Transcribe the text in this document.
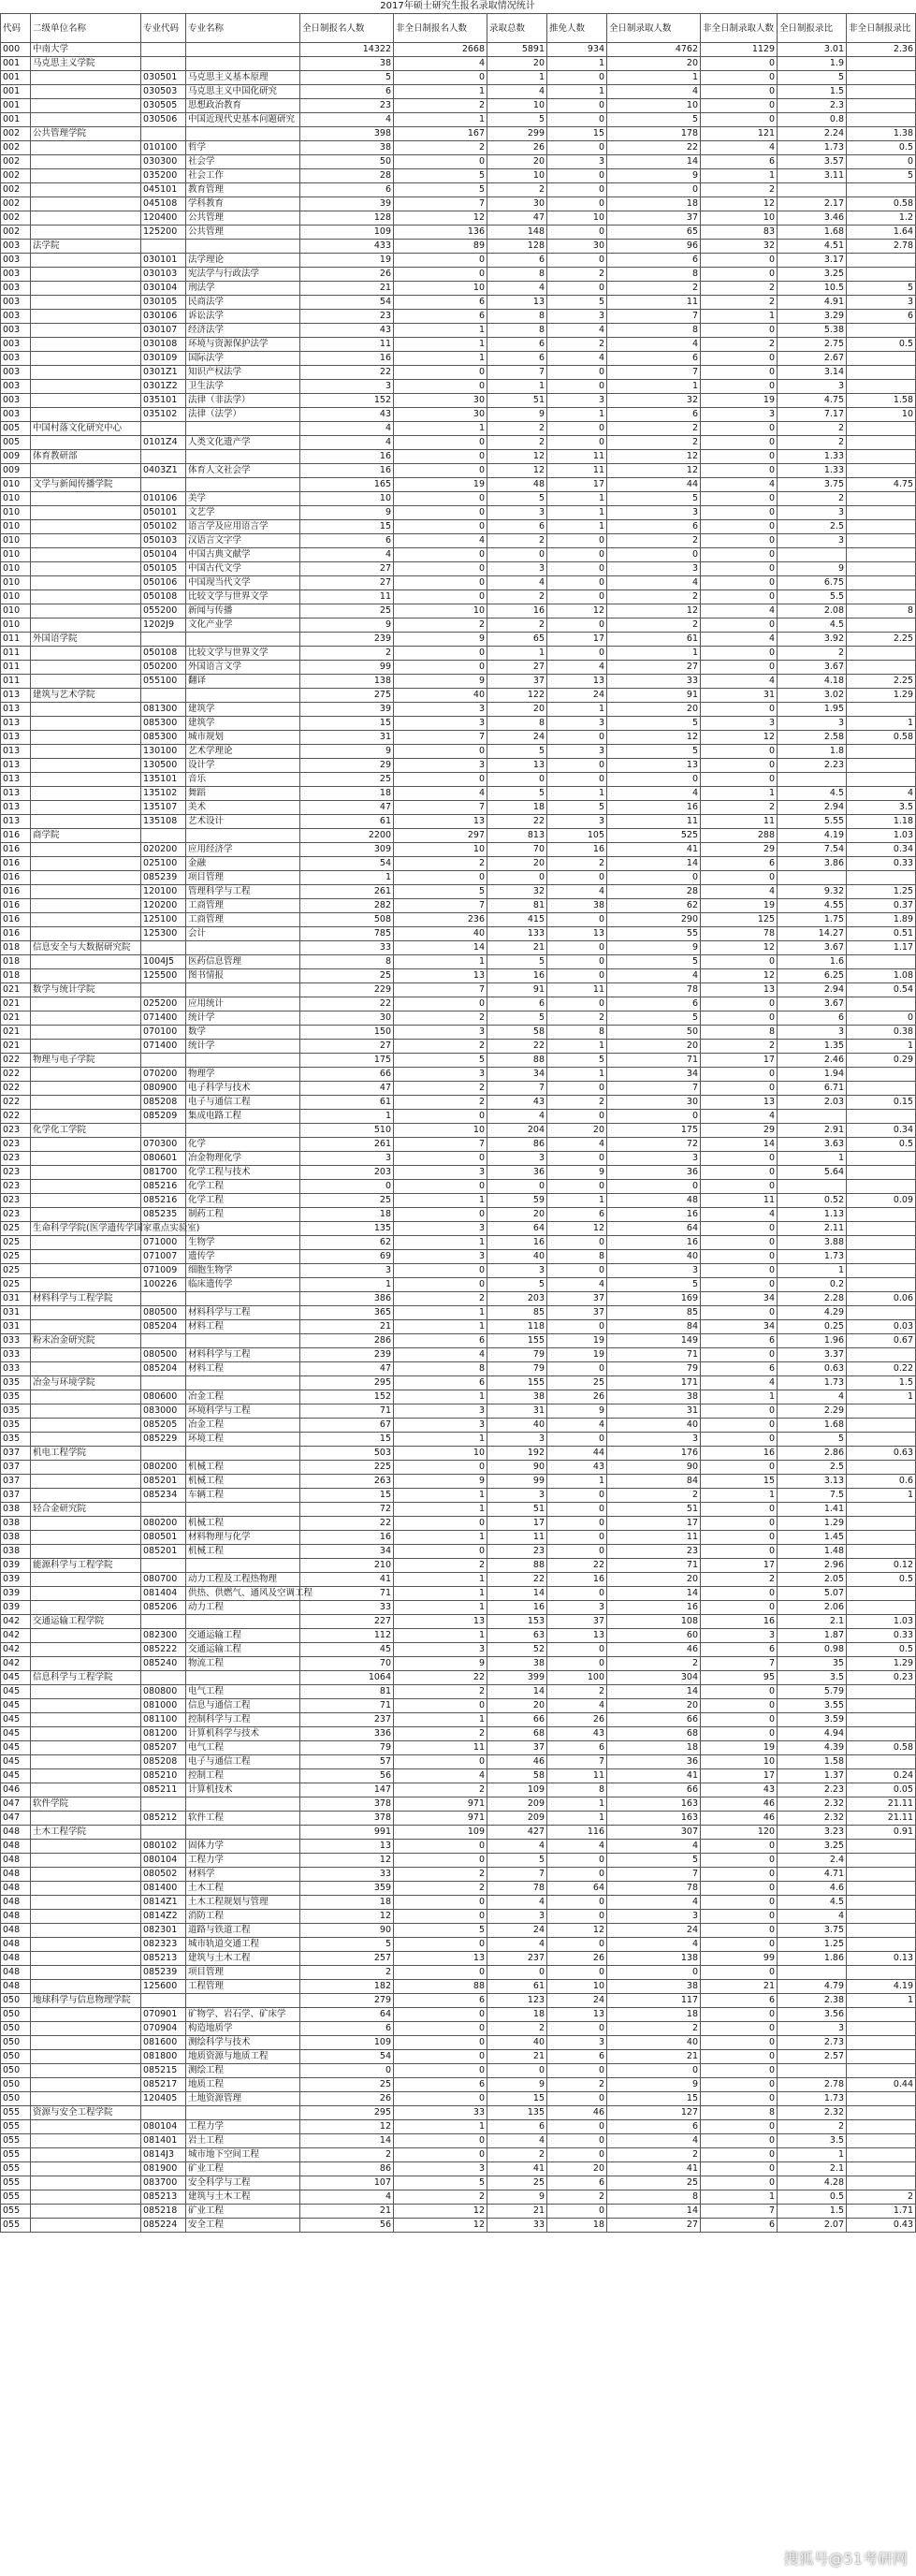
2017年硕士研究生报名录取情况统计
代码	二级单位名称	专业代码	专业名称	全日制报名人数	非全日制报名人数	录取总数	推免人数	全日制录取人数	非全日制录取人数	全日制报录比	非全日制报录比
000	中南大学			14322	2668	5891	934	4762	1129	3.01	2.36
001	马克思主义学院			38	4	20	1	20	0	1.9	
001		030501	马克思主义基本原理	5	0	1	0	1	0	5	
001		030503	马克思主义中国化研究	6	1	4	1	4	0	1.5	
001		030505	思想政治教育	23	2	10	0	10	0	2.3	
001		030506	中国近现代史基本问题研究	4	1	5	0	5	0	0.8	
002	公共管理学院			398	167	299	15	178	121	2.24	1.38
002		010100	哲学	38	2	26	0	22	4	1.73	0.5
002		030300	社会学	50	0	20	3	14	6	3.57	0
002		035200	社会工作	28	5	10	0	9	1	3.11	5
002		045101	教育管理	6	5	2	0	0	2		
002		045108	学科教育	39	7	30	0	18	12	2.17	0.58
002		120400	公共管理	128	12	47	10	37	10	3.46	1.2
002		125200	公共管理	109	136	148	0	65	83	1.68	1.64
003	法学院			433	89	128	30	96	32	4.51	2.78
003		030101	法学理论	19	0	6	0	6	0	3.17	
003		030103	宪法学与行政法学	26	0	8	2	8	0	3.25	
003		030104	刑法学	21	10	4	0	2	2	10.5	5
003		030105	民商法学	54	6	13	5	11	2	4.91	3
003		030106	诉讼法学	23	6	8	3	7	1	3.29	6
003		030107	经济法学	43	1	8	4	8	0	5.38	
003		030108	环境与资源保护法学	11	1	6	2	4	2	2.75	0.5
003		030109	国际法学	16	1	6	4	6	0	2.67	
003		0301Z1	知识产权法学	22	0	7	0	7	0	3.14	
003		0301Z2	卫生法学	3	0	1	0	1	0	3	
003		035101	法律（非法学）	152	30	51	3	32	19	4.75	1.58
003		035102	法律（法学）	43	30	9	1	6	3	7.17	10
005	中国村落文化研究中心			4	1	2	0	2	0	2	
005		0101Z4	人类文化遗产学	4	0	2	0	2	0	2	
009	体育教研部			16	0	12	11	12	0	1.33	
009		0403Z1	体育人文社会学	16	0	12	11	12	0	1.33	
010	文学与新闻传播学院			165	19	48	17	44	4	3.75	4.75
010		010106	美学	10	0	5	1	5	0	2	
010		050101	文艺学	9	0	3	1	3	0	3	
010		050102	语言学及应用语言学	15	0	6	1	6	0	2.5	
010		050103	汉语言文字学	6	4	2	0	2	0	3	
010		050104	中国古典文献学	4	0	0	0	0	0		
010		050105	中国古代文学	27	0	3	0	3	0	9	
010		050106	中国现当代文学	27	0	4	0	4	0	6.75	
010		050108	比较文学与世界文学	11	0	2	0	2	0	5.5	
010		055200	新闻与传播	25	10	16	12	12	4	2.08	8
010		1202J9	文化产业学	9	2	2	0	2	0	4.5	
011	外国语学院			239	9	65	17	61	4	3.92	2.25
011		050108	比较文学与世界文学	2	0	1	0	1	0	2	
011		050200	外国语言文学	99	0	27	4	27	0	3.67	
011		055100	翻译	138	9	37	13	33	4	4.18	2.25
013	建筑与艺术学院			275	40	122	24	91	31	3.02	1.29
013		081300	建筑学	39	3	20	1	20	0	1.95	
013		085300	建筑学	15	3	8	3	5	3	3	1
013		085300	城市规划	31	7	24	0	12	12	2.58	0.58
013		130100	艺术学理论	9	0	5	3	5	0	1.8	
013		130500	设计学	29	3	13	0	13	0	2.23	
013		135101	音乐	25	0	0	0	0	0		
013		135102	舞蹈	18	4	5	1	4	1	4.5	4
013		135107	美术	47	7	18	5	16	2	2.94	3.5
013		135108	艺术设计	61	13	22	3	11	11	5.55	1.18
016	商学院			2200	297	813	105	525	288	4.19	1.03
016		020200	应用经济学	309	10	70	16	41	29	7.54	0.34
016		025100	金融	54	2	20	2	14	6	3.86	0.33
016		085239	项目管理	1	0	0	0	0	0		
016		120100	管理科学与工程	261	5	32	4	28	4	9.32	1.25
016		120200	工商管理	282	7	81	38	62	19	4.55	0.37
016		125100	工商管理	508	236	415	0	290	125	1.75	1.89
016		125300	会计	785	40	133	13	55	78	14.27	0.51
018	信息安全与大数据研究院			33	14	21	0	9	12	3.67	1.17
018		1004J5	医药信息管理	8	1	5	0	5	0	1.6	
018		125500	图书情报	25	13	16	0	4	12	6.25	1.08
021	数学与统计学院			229	7	91	11	78	13	2.94	0.54
021		025200	应用统计	22	0	6	0	6	0	3.67	
021		071400	统计学	30	2	5	2	5	0	6	0
021		070100	数学	150	3	58	8	50	8	3	0.38
021		071400	统计学	27	2	22	1	20	2	1.35	1
022	物理与电子学院			175	5	88	5	71	17	2.46	0.29
022		070200	物理学	66	3	34	1	34	0	1.94	
022		080900	电子科学与技术	47	2	7	0	7	0	6.71	
022		085208	电子与通信工程	61	2	43	2	30	13	2.03	0.15
022		085209	集成电路工程	1	0	4	0	0	4		
023	化学化工学院			510	10	204	20	175	29	2.91	0.34
023		070300	化学	261	7	86	4	72	14	3.63	0.5
023		080601	冶金物理化学	3	0	3	0	3	0	1	
023		081700	化学工程与技术	203	3	36	9	36	0	5.64	
023		085216	化学工程	0	0	0	0	0	0		
023		085216	化学工程	25	1	59	1	48	11	0.52	0.09
023		085235	制药工程	18	0	20	6	16	4	1.13	
025	生命科学学院(医学遗传学国家重点实验室)			135	3	64	12	64	0	2.11	
025		071000	生物学	62	1	16	0	16	0	3.88	
025		071007	遗传学	69	3	40	8	40	0	1.73	
025		071009	细胞生物学	3	0	3	0	3	0	1	
025		100226	临床遗传学	1	0	5	4	5	0	0.2	
031	材料科学与工程学院			386	2	203	37	169	34	2.28	0.06
031		080500	材料科学与工程	365	1	85	37	85	0	4.29	
031		085204	材料工程	21	1	118	0	84	34	0.25	0.03
033	粉末冶金研究院			286	6	155	19	149	6	1.96	0.67
033		080500	材料科学与工程	239	4	79	19	71	0	3.37	
033		085204	材料工程	47	8	79	0	79	6	0.63	0.22
035	冶金与环境学院			295	6	155	25	171	4	1.73	1.5
035		080600	冶金工程	152	1	38	26	38	1	4	1
035		083000	环境科学与工程	71	3	31	9	31	0	2.29	
035		085205	冶金工程	67	3	40	4	40	0	1.68	
035		085229	环境工程	15	1	3	0	3	0	5	
037	机电工程学院			503	10	192	44	176	16	2.86	0.63
037		080200	机械工程	225	0	90	43	90	0	2.5	
037		085201	机械工程	263	9	99	1	84	15	3.13	0.6
037		085234	车辆工程	15	1	3	0	2	1	7.5	1
038	轻合金研究院			72	1	51	0	51	0	1.41	
038		080200	机械工程	22	0	17	0	17	0	1.29	
038		080501	材料物理与化学	16	1	11	0	11	0	1.45	
038		085201	机械工程	34	0	23	0	23	0	1.48	
039	能源科学与工程学院			210	2	88	22	71	17	2.96	0.12
039		080700	动力工程及工程热物理	41	1	22	16	20	2	2.05	0.5
039		081404	供热、供燃气、通风及空调工程	71	1	14	0	14	0	5.07	
039		085206	动力工程	33	1	16	3	16	0	2.06	
042	交通运输工程学院			227	13	153	37	108	16	2.1	1.03
042		082300	交通运输工程	112	1	63	13	60	3	1.87	0.33
042		085222	交通运输工程	45	3	52	0	46	6	0.98	0.5
042		085240	物流工程	70	9	38	0	2	7	35	1.29
045	信息科学与工程学院			1064	22	399	100	304	95	3.5	0.23
045		080800	电气工程	81	2	14	2	14	0	5.79	
045		081000	信息与通信工程	71	0	20	4	20	0	3.55	
045		081100	控制科学与工程	237	1	66	26	66	0	3.59	
045		081200	计算机科学与技术	336	2	68	43	68	0	4.94	
045		085207	电气工程	79	11	37	6	18	19	4.39	0.58
045		085208	电子与通信工程	57	0	46	7	36	10	1.58	
045		085210	控制工程	56	4	58	11	41	17	1.37	0.24
046		085211	计算机技术	147	2	109	8	66	43	2.23	0.05
047	软件学院			378	971	209	1	163	46	2.32	21.11
047		085212	软件工程	378	971	209	1	163	46	2.32	21.11
048	土木工程学院			991	109	427	116	307	120	3.23	0.91
048		080102	固体力学	13	0	4	4	4	0	3.25	
048		080104	工程力学	12	0	5	0	5	0	2.4	
048		080502	材料学	33	2	7	0	7	0	4.71	
048		081400	土木工程	359	2	78	64	78	0	4.6	
048		0814Z1	土木工程规划与管理	18	0	4	0	4	0	4.5	
048		0814Z2	消防工程	12	0	3	0	3	0	4	
048		082301	道路与铁道工程	90	5	24	12	24	0	3.75	
048		082323	城市轨道交通工程	5	0	4	0	4	0	1.25	
048		085213	建筑与土木工程	257	13	237	26	138	99	1.86	0.13
048		085239	项目管理	2	0	0	0	0	0		
048		125600	工程管理	182	88	61	10	38	21	4.79	4.19
050	地球科学与信息物理学院			279	6	123	24	117	6	2.38	1
050		070901	矿物学、岩石学、矿床学	64	0	18	13	18	0	3.56	
050		070904	构造地质学	6	0	2	0	2	0	3	
050		081600	测绘科学与技术	109	0	40	3	40	0	2.73	
050		081800	地质资源与地质工程	54	0	21	6	21	0	2.57	
050		085215	测绘工程	0	0	0	0	0	0		
050		085217	地质工程	25	6	9	2	9	0	2.78	0.44
050		120405	土地资源管理	26	0	15	0	15	0	1.73	
055	资源与安全工程学院			295	33	135	46	127	8	2.32	
055		080104	工程力学	12	1	6	0	6	0	2	
055		081401	岩土工程	14	0	4	0	4	0	3.5	
055		0814J3	城市地下空间工程	2	0	2	0	2	0	1	
055		081900	矿业工程	86	3	41	20	41	0	2.1	
055		083700	安全科学与工程	107	5	25	6	25	0	4.28	
055		085213	建筑与土木工程	4	2	9	2	8	1	0.5	2
055		085218	矿业工程	21	12	21	0	14	7	1.5	1.71
055		085224	安全工程	56	12	33	18	27	6	2.07	0.43
搜狐号@51考研网
